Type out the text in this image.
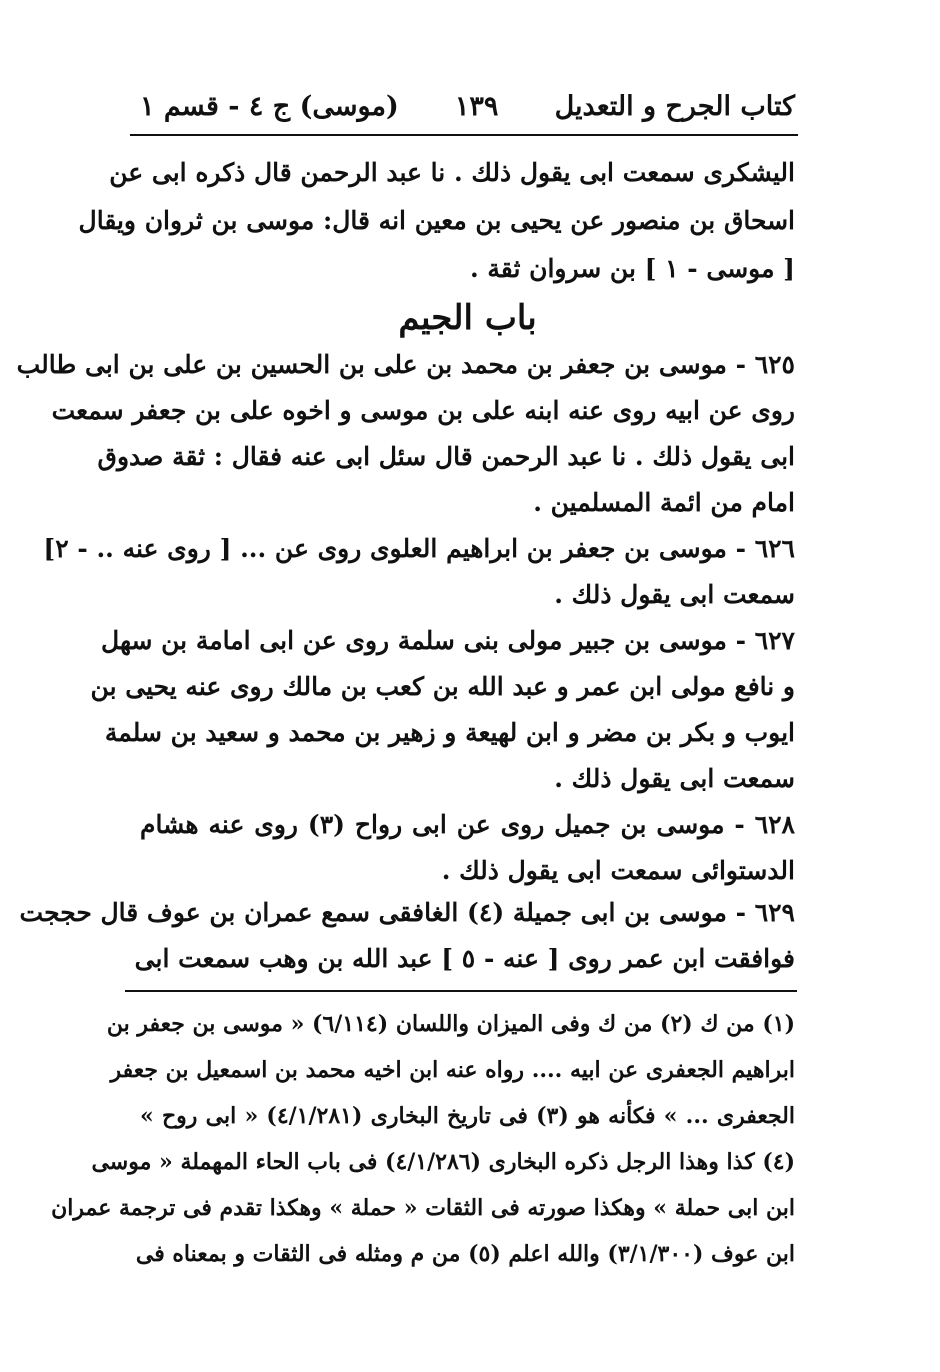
كتاب الجرح و التعديل
١٣٩
(موسى) ج ٤ - قسم ١
اليشكرى سمعت ابى يقول ذلك . نا عبد الرحمن قال ذكره ابى عن
اسحاق بن منصور عن يحيى بن معين انه قال: موسى بن ثروان ويقال
[ موسى - ١ ] بن سروان ثقة .
باب الجيم
٦٢٥ - موسى بن جعفر بن محمد بن على بن الحسين بن على بن ابى طالب
روى عن ابيه روى عنه ابنه على بن موسى و اخوه على بن جعفر سمعت
ابى يقول ذلك . نا عبد الرحمن قال سئل ابى عنه فقال : ثقة صدوق
امام من ائمة المسلمين .
٦٢٦ - موسى بن جعفر بن ابراهيم العلوى روى عن ... [ روى عنه .. - ٢]
سمعت ابى يقول ذلك .
٦٢٧ - موسى بن جبير مولى بنى سلمة روى عن ابى امامة بن سهل
و نافع مولى ابن عمر و عبد الله بن كعب بن مالك روى عنه يحيى بن
ايوب و بكر بن مضر و ابن لهيعة و زهير بن محمد و سعيد بن سلمة
سمعت ابى يقول ذلك .
٦٢٨ - موسى بن جميل روى عن ابى رواح (٣) روى عنه هشام
الدستوائى سمعت ابى يقول ذلك .
٦٢٩ - موسى بن ابى جميلة (٤) الغافقى سمع عمران بن عوف قال حججت
فوافقت ابن عمر روى [ عنه - ٥ ] عبد الله بن وهب سمعت ابى
(١) من ك (٢) من ك وفى الميزان واللسان (٦/١١٤) « موسى بن جعفر بن
ابراهيم الجعفرى عن ابيه .... رواه عنه ابن اخيه محمد بن اسمعيل بن جعفر
الجعفرى ... » فكأنه هو (٣) فى تاريخ البخارى (٤/١/٢٨١) « ابى روح »
(٤) كذا وهذا الرجل ذكره البخارى (٤/١/٢٨٦) فى باب الحاء المهملة « موسى
ابن ابى حملة » وهكذا صورته فى الثقات « حملة » وهكذا تقدم فى ترجمة عمران
ابن عوف (٣/١/٣٠٠) والله اعلم (٥) من م ومثله فى الثقات و بمعناه فى
